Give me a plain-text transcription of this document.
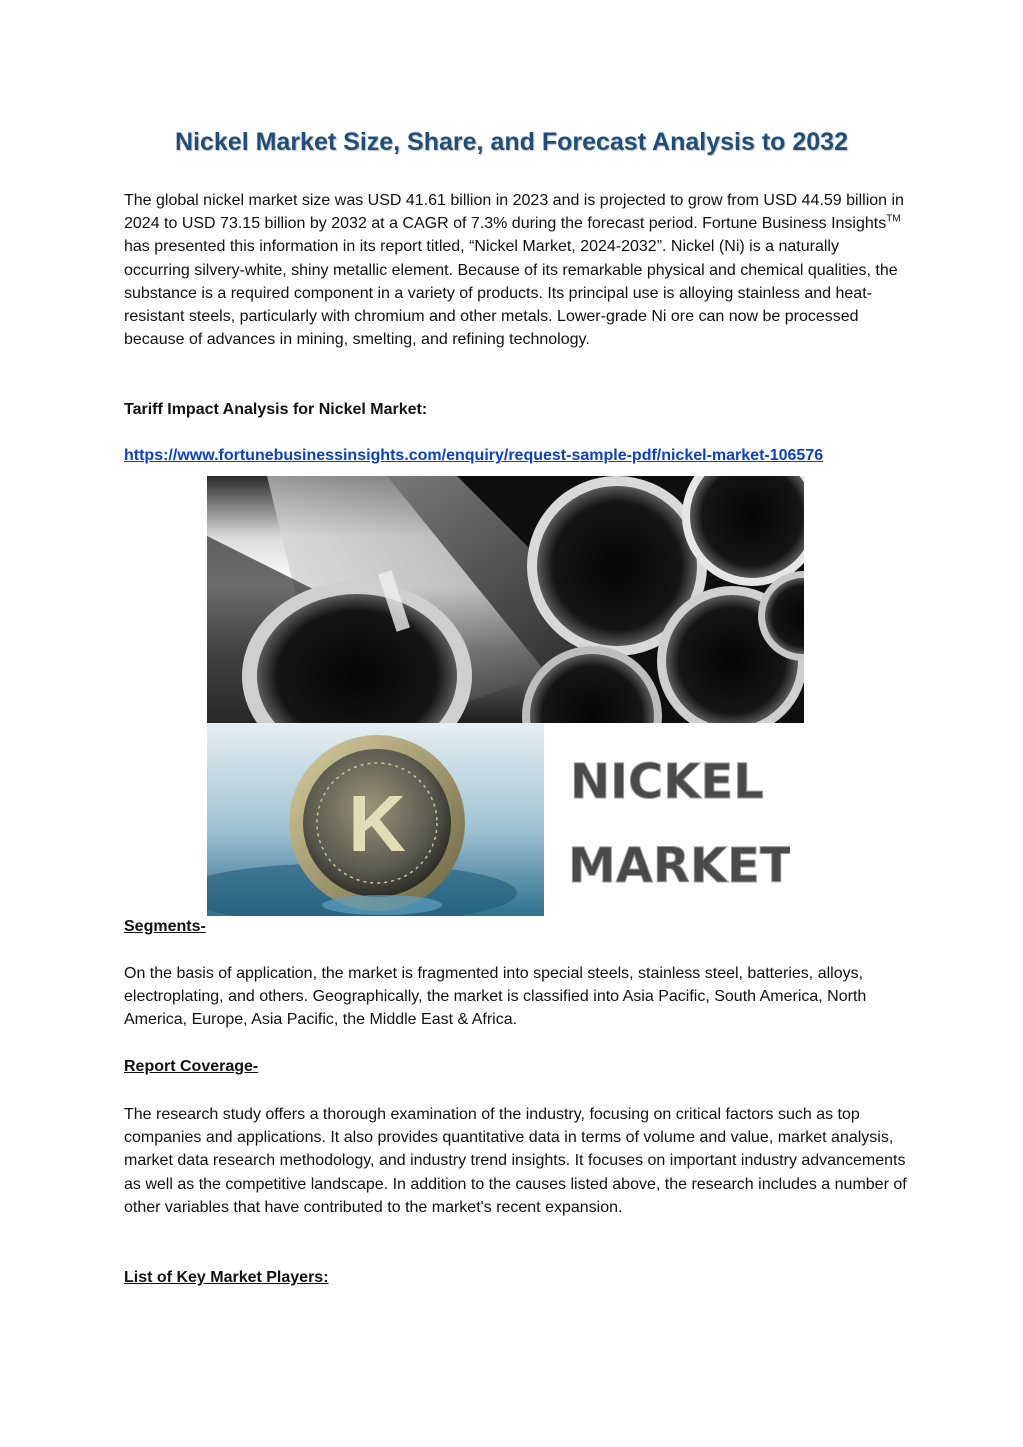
Nickel Market Size, Share, and Forecast Analysis to 2032

The global nickel market size was USD 41.61 billion in 2023 and is projected to grow from USD 44.59 billion in 2024 to USD 73.15 billion by 2032 at a CAGR of 7.3% during the forecast period. Fortune Business Insights™ has presented this information in its report titled, “Nickel Market, 2024-2032”. Nickel (Ni) is a naturally occurring silvery-white, shiny metallic element. Because of its remarkable physical and chemical qualities, the substance is a required component in a variety of products. Its principal use is alloying stainless and heat-resistant steels, particularly with chromium and other metals. Lower-grade Ni ore can now be processed because of advances in mining, smelting, and refining technology.

Tariff Impact Analysis for Nickel Market:

https://www.fortunebusinessinsights.com/enquiry/request-sample-pdf/nickel-market-106576
K	NICKEL
MARKET

Segments-

On the basis of application, the market is fragmented into special steels, stainless steel, batteries, alloys, electroplating, and others. Geographically, the market is classified into Asia Pacific, South America, North America, Europe, Asia Pacific, the Middle East & Africa.

Report Coverage-

The research study offers a thorough examination of the industry, focusing on critical factors such as top companies and applications. It also provides quantitative data in terms of volume and value, market analysis, market data research methodology, and industry trend insights. It focuses on important industry advancements as well as the competitive landscape. In addition to the causes listed above, the research includes a number of other variables that have contributed to the market's recent expansion.

List of Key Market Players:
